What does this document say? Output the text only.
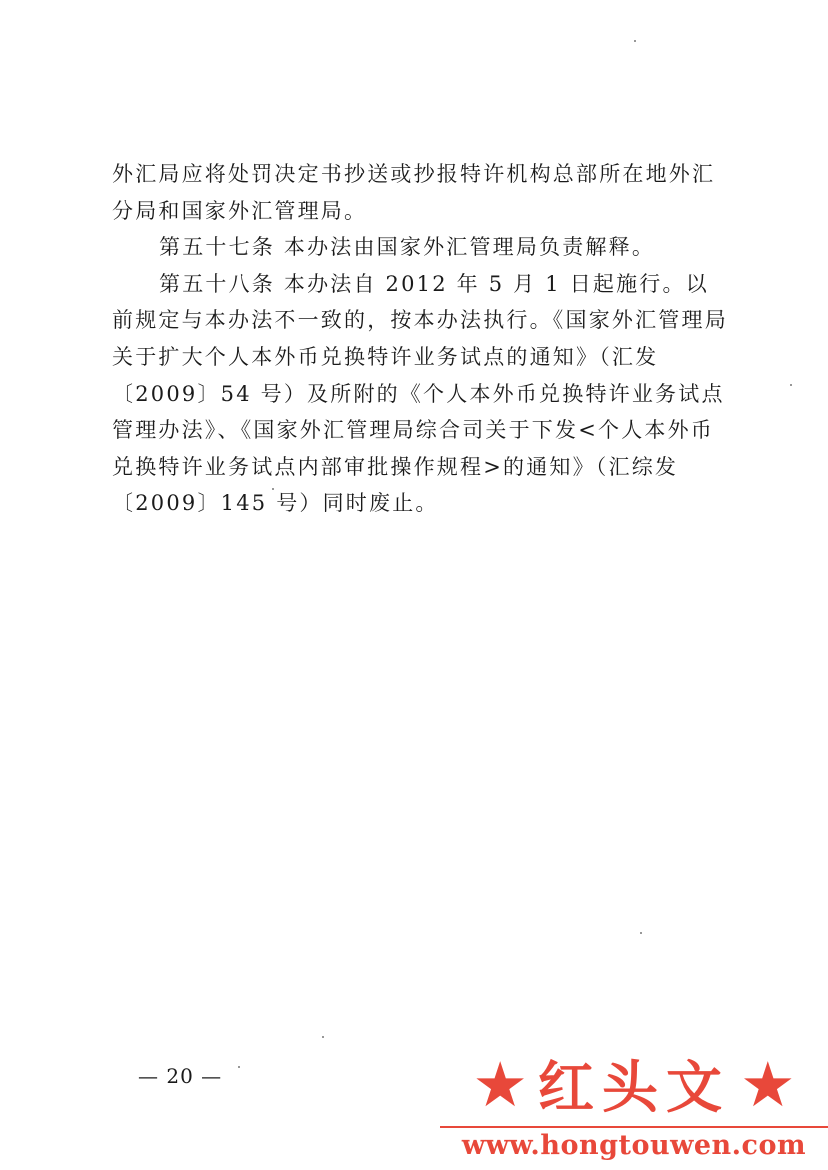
外汇局应将处罚决定书抄送或抄报特许机构总部所在地外汇分局和国家外汇管理局。

第五十七条 本办法由国家外汇管理局负责解释。

第五十八条 本办法自 2012 年 5 月 1 日起施行。以前规定与本办法不一致的，按本办法执行。《国家外汇管理局关于扩大个人本外币兑换特许业务试点的通知》（汇发〔2009〕54 号）及所附的《个人本外币兑换特许业务试点管理办法》、《国家外汇管理局综合司关于下发<个人本外币兑换特许业务试点内部审批操作规程>的通知》（汇综发〔2009〕145 号）同时废止。

— 20 —	★ 红头文 ★
www.hongtouwen.com
